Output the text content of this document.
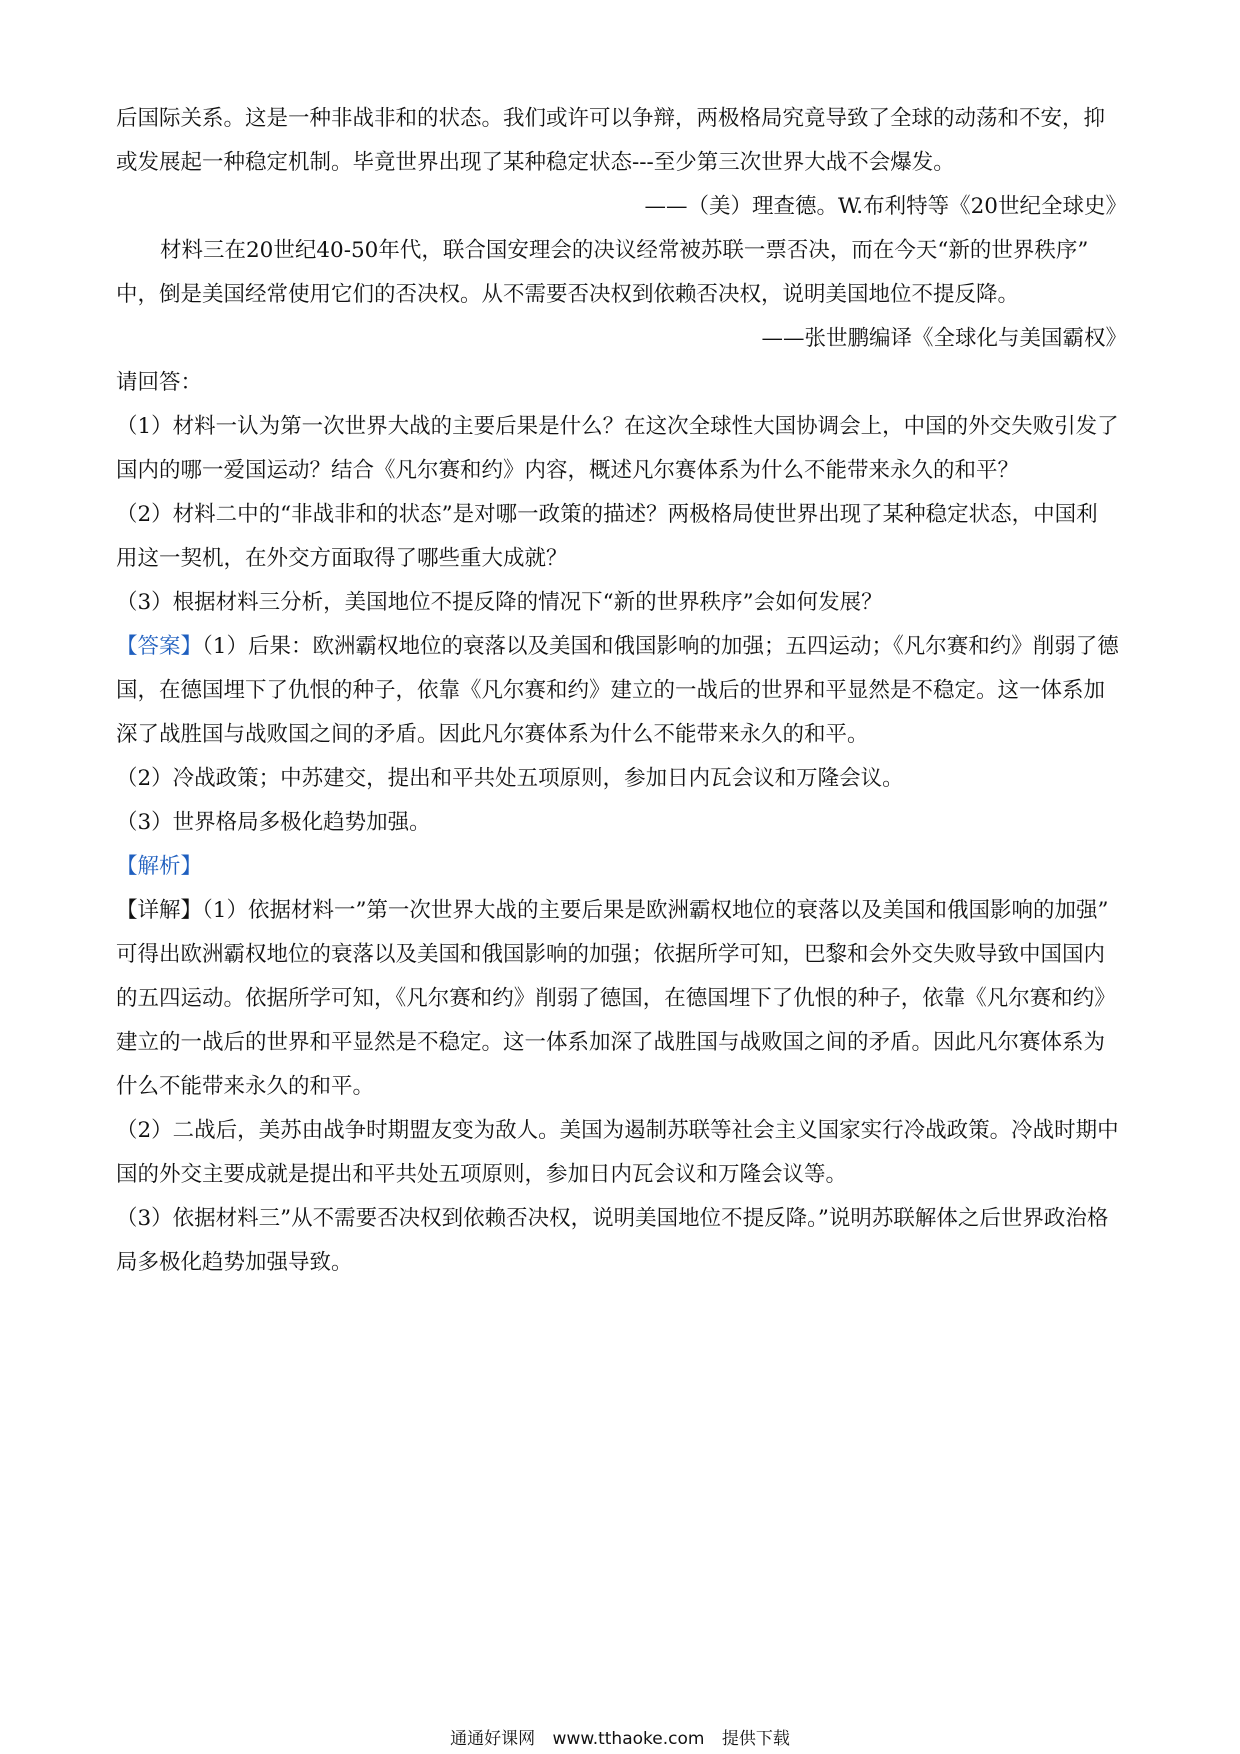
后国际关系。这是一种非战非和的状态。我们或许可以争辩，两极格局究竟导致了全球的动荡和不安，抑
或发展起一种稳定机制。毕竟世界出现了某种稳定状态---至少第三次世界大战不会爆发。
——（美）理查德。W.布利特等《20世纪全球史》
材料三在20世纪40-50年代，联合国安理会的决议经常被苏联一票否决，而在今天“新的世界秩序”
中，倒是美国经常使用它们的否决权。从不需要否决权到依赖否决权，说明美国地位不提反降。
——张世鹏编译《全球化与美国霸权》
请回答：
（1）材料一认为第一次世界大战的主要后果是什么？在这次全球性大国协调会上，中国的外交失败引发了
国内的哪一爱国运动？结合《凡尔赛和约》内容，概述凡尔赛体系为什么不能带来永久的和平？
（2）材料二中的“非战非和的状态”是对哪一政策的描述？两极格局使世界出现了某种稳定状态，中国利
用这一契机，在外交方面取得了哪些重大成就？
（3）根据材料三分析，美国地位不提反降的情况下“新的世界秩序”会如何发展？
【答案】（1）后果：欧洲霸权地位的衰落以及美国和俄国影响的加强；五四运动；《凡尔赛和约》削弱了德
国，在德国埋下了仇恨的种子，依靠《凡尔赛和约》建立的一战后的世界和平显然是不稳定。这一体系加
深了战胜国与战败国之间的矛盾。因此凡尔赛体系为什么不能带来永久的和平。
（2）冷战政策；中苏建交，提出和平共处五项原则，参加日内瓦会议和万隆会议。
（3）世界格局多极化趋势加强。
【解析】
【详解】（1）依据材料一”第一次世界大战的主要后果是欧洲霸权地位的衰落以及美国和俄国影响的加强”
可得出欧洲霸权地位的衰落以及美国和俄国影响的加强；依据所学可知，巴黎和会外交失败导致中国国内
的五四运动。依据所学可知，《凡尔赛和约》削弱了德国，在德国埋下了仇恨的种子，依靠《凡尔赛和约》
建立的一战后的世界和平显然是不稳定。这一体系加深了战胜国与战败国之间的矛盾。因此凡尔赛体系为
什么不能带来永久的和平。
（2）二战后，美苏由战争时期盟友变为敌人。美国为遏制苏联等社会主义国家实行冷战政策。冷战时期中
国的外交主要成就是提出和平共处五项原则，参加日内瓦会议和万隆会议等。
（3）依据材料三”从不需要否决权到依赖否决权，说明美国地位不提反降。”说明苏联解体之后世界政治格
局多极化趋势加强导致。
通通好课网 www.tthaoke.com 提供下载
